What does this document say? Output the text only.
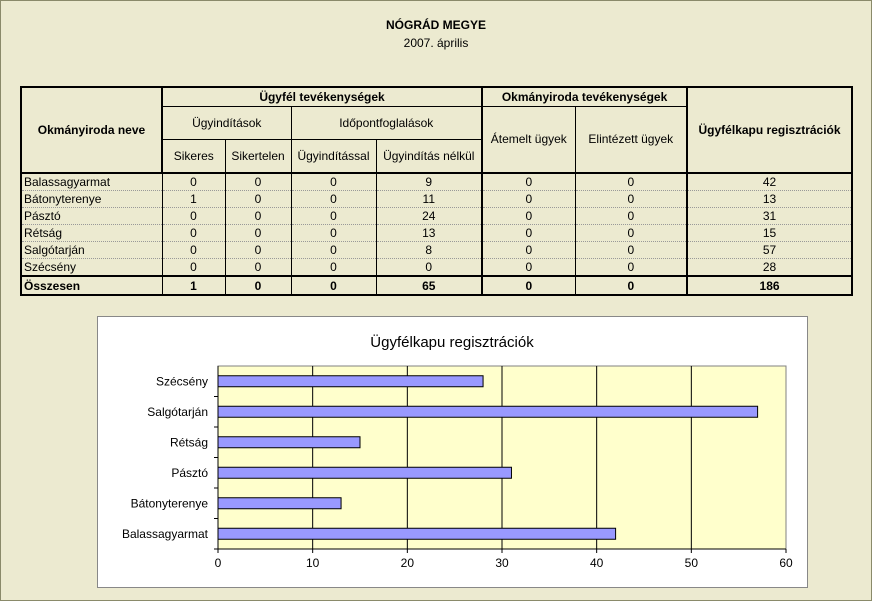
NÓGRÁD MEGYE
2007. április
Okmányiroda neve	Ügyfél tevékenységek				Okmányiroda tevékenységek		Ügyfélkapu regisztrációk
	Ügyindítások		Időpontfoglalások		Átemelt ügyek	Elintézett ügyek	
	Sikeres	Sikertelen	Ügyindítással	Ügyindítás nélkül			
Balassagyarmat	0	0	0	9	0	0	42
Bátonyterenye	1	0	0	11	0	0	13
Pásztó	0	0	0	24	0	0	31
Rétság	0	0	0	13	0	0	15
Salgótarján	0	0	0	8	0	0	57
Szécsény	0	0	0	0	0	0	28
Összesen	1	0	0	65	0	0	186
Ügyfélkapu regisztrációk
0	10	20	30	40	50	60
Balassagyarmat
Bátonyterenye
Pásztó
Rétság
Salgótarján
Szécsény
